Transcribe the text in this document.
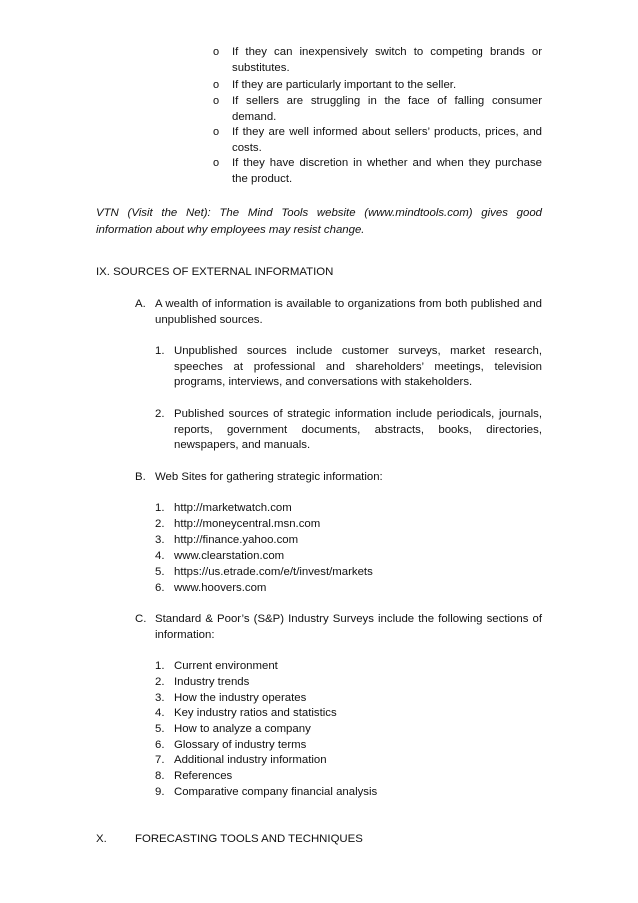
o If they can inexpensively switch to competing brands or substitutes.
o If they are particularly important to the seller.
o If sellers are struggling in the face of falling consumer demand.
o If they are well informed about sellers’ products, prices, and costs.
o If they have discretion in whether and when they purchase the product.
VTN (Visit the Net): The Mind Tools website (www.mindtools.com) gives good information about why employees may resist change.
IX. SOURCES OF EXTERNAL INFORMATION
A. A wealth of information is available to organizations from both published and unpublished sources.
1. Unpublished sources include customer surveys, market research, speeches at professional and shareholders’ meetings, television programs, interviews, and conversations with stakeholders.
2. Published sources of strategic information include periodicals, journals, reports, government documents, abstracts, books, directories, newspapers, and manuals.
B. Web Sites for gathering strategic information:
1. http://marketwatch.com
2. http://moneycentral.msn.com
3. http://finance.yahoo.com
4. www.clearstation.com
5. https://us.etrade.com/e/t/invest/markets
6. www.hoovers.com
C. Standard & Poor’s (S&P) Industry Surveys include the following sections of information:
1. Current environment
2. Industry trends
3. How the industry operates
4. Key industry ratios and statistics
5. How to analyze a company
6. Glossary of industry terms
7. Additional industry information
8. References
9. Comparative company financial analysis
X. FORECASTING TOOLS AND TECHNIQUES
